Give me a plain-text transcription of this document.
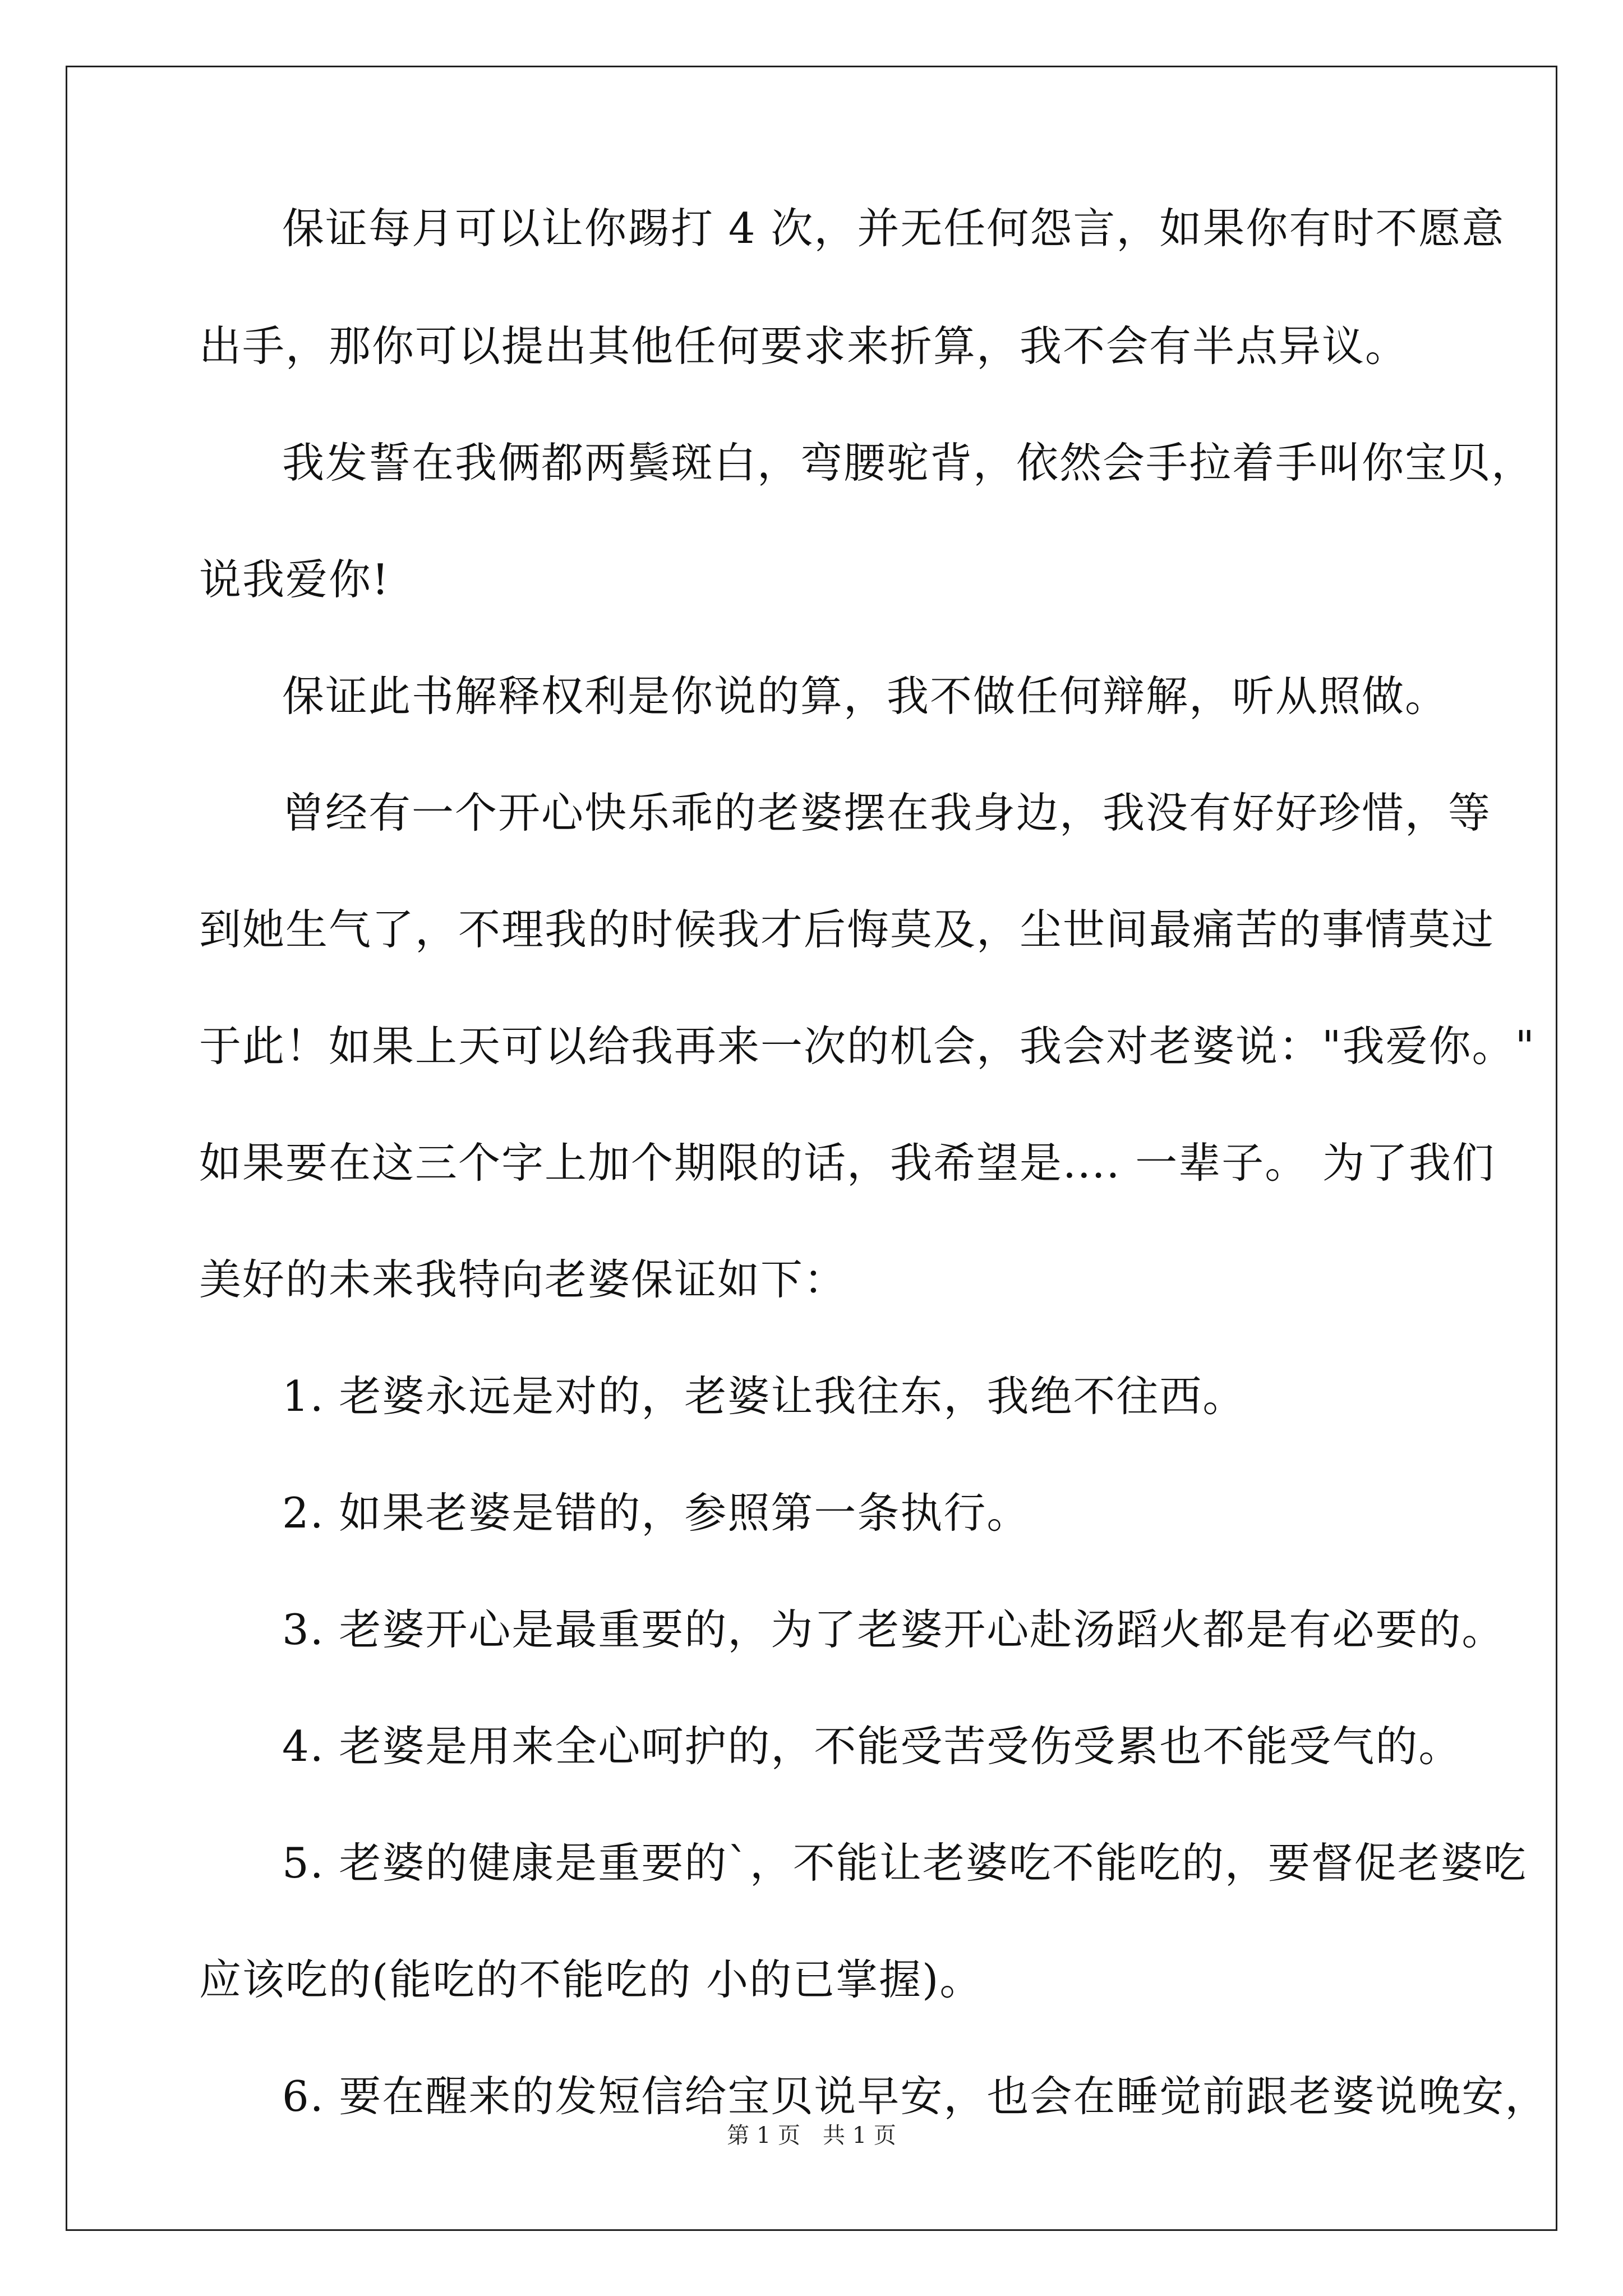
保证每月可以让你踢打 4 次，并无任何怨言，如果你有时不愿意
出手，那你可以提出其他任何要求来折算，我不会有半点异议。
我发誓在我俩都两鬓斑白，弯腰驼背，依然会手拉着手叫你宝贝，
说我爱你!
保证此书解释权利是你说的算，我不做任何辩解，听从照做。
曾经有一个开心快乐乖的老婆摆在我身边，我没有好好珍惜，等
到她生气了，不理我的时候我才后悔莫及，尘世间最痛苦的事情莫过
于此！如果上天可以给我再来一次的机会，我会对老婆说："我爱你。"
如果要在这三个字上加个期限的话，我希望是.... 一辈子。 为了我们
美好的未来我特向老婆保证如下：
1. 老婆永远是对的，老婆让我往东，我绝不往西。
2. 如果老婆是错的，参照第一条执行。
3. 老婆开心是最重要的，为了老婆开心赴汤蹈火都是有必要的。
4. 老婆是用来全心呵护的，不能受苦受伤受累也不能受气的。
5. 老婆的健康是重要的`，不能让老婆吃不能吃的，要督促老婆吃
应该吃的(能吃的不能吃的 小的已掌握)。
6. 要在醒来的发短信给宝贝说早安，也会在睡觉前跟老婆说晚安，
第 1 页　共 1 页
